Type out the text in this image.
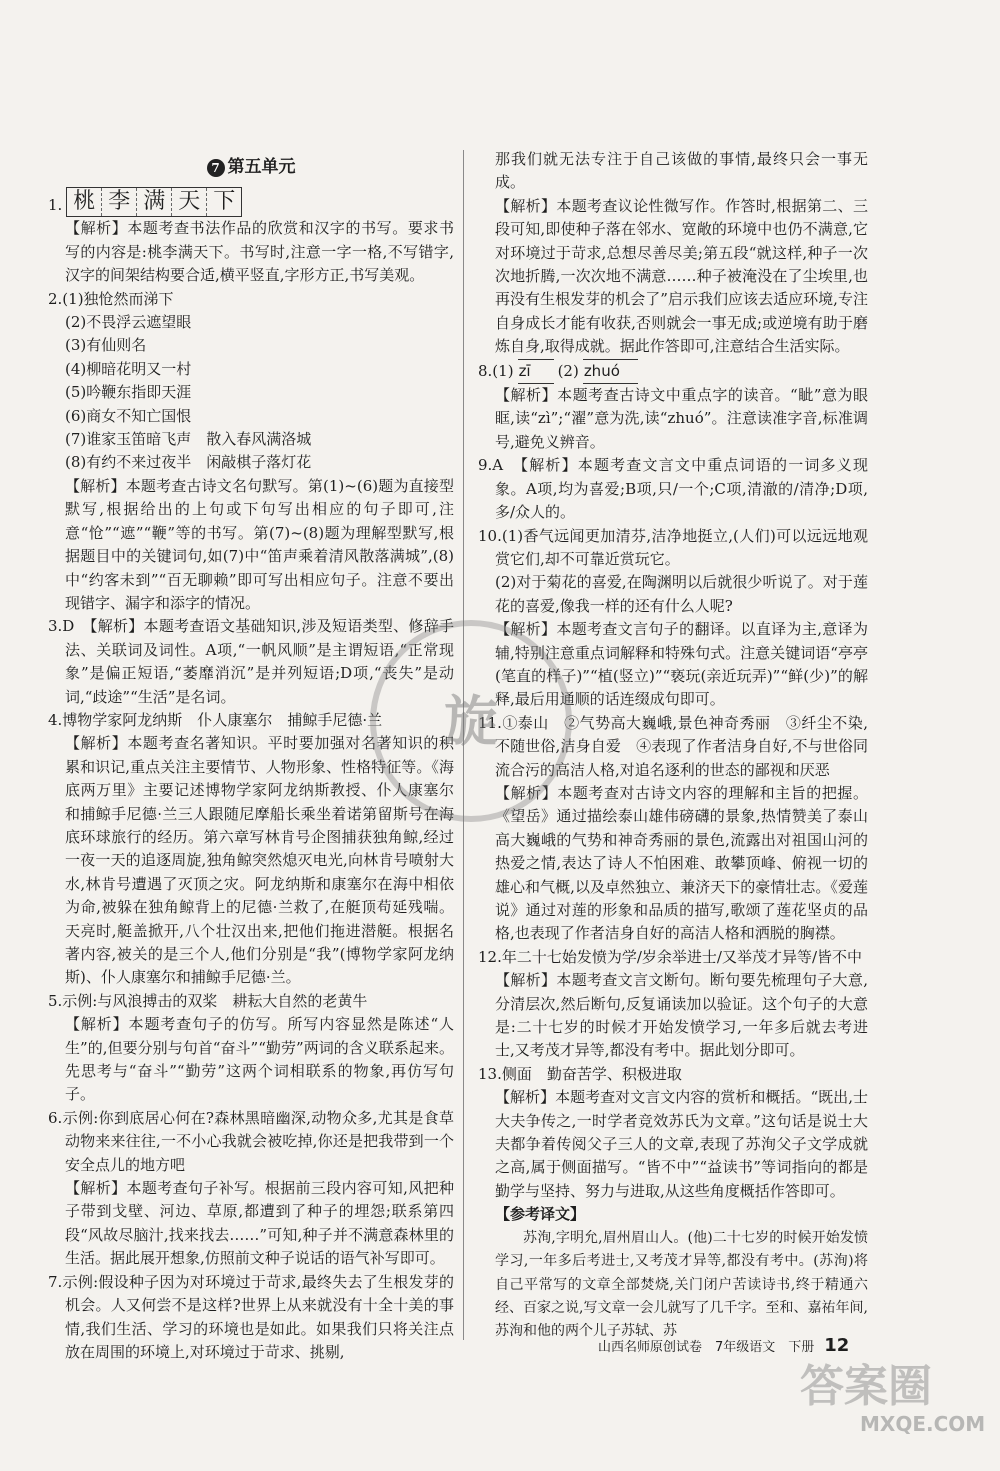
7 第五单元
1. 桃 李 满 天 下

【解析】本题考查书法作品的欣赏和汉字的书写。要求书写的内容是:桃李满天下。书写时,注意一字一格,不写错字,汉字的间架结构要合适,横平竖直,字形方正,书写美观。

2.(1)独怆然而涕下

(2)不畏浮云遮望眼

(3)有仙则名

(4)柳暗花明又一村

(5)吟鞭东指即天涯

(6)商女不知亡国恨

(7)谁家玉笛暗飞声　散入春风满洛城

(8)有约不来过夜半　闲敲棋子落灯花

【解析】本题考查古诗文名句默写。第(1)~(6)题为直接型默写,根据给出的上句或下句写出相应的句子即可,注意“怆”“遮”“鞭”等的书写。第(7)~(8)题为理解型默写,根据题目中的关键词句,如(7)中“笛声乘着清风散落满城”,(8)中“约客未到”“百无聊赖”即可写出相应句子。注意不要出现错字、漏字和添字的情况。

3.D　【解析】本题考查语文基础知识,涉及短语类型、修辞手法、关联词及词性。A项,“一帆风顺”是主谓短语,“正常现象”是偏正短语,“萎靡消沉”是并列短语;D项,“丧失”是动词,“歧途”“生活”是名词。

4.博物学家阿龙纳斯　仆人康塞尔　捕鲸手尼德·兰

【解析】本题考查名著知识。平时要加强对名著知识的积累和识记,重点关注主要情节、人物形象、性格特征等。《海底两万里》主要记述博物学家阿龙纳斯教授、仆人康塞尔和捕鲸手尼德·兰三人跟随尼摩船长乘坐着诺第留斯号在海底环球旅行的经历。第六章写林肯号企图捕获独角鲸,经过一夜一天的追逐周旋,独角鲸突然熄灭电光,向林肯号喷射大水,林肯号遭遇了灭顶之灾。阿龙纳斯和康塞尔在海中相依为命,被躲在独角鲸背上的尼德·兰救了,在艇顶苟延残喘。天亮时,艇盖掀开,八个壮汉出来,把他们拖进潜艇。根据名著内容,被关的是三个人,他们分别是“我”(博物学家阿龙纳斯)、仆人康塞尔和捕鲸手尼德·兰。

5.示例:与风浪搏击的双桨　耕耘大自然的老黄牛

【解析】本题考查句子的仿写。所写内容显然是陈述“人生”的,但要分别与句首“奋斗”“勤劳”两词的含义联系起来。先思考与“奋斗”“勤劳”这两个词相联系的物象,再仿写句子。

6.示例:你到底居心何在?森林黑暗幽深,动物众多,尤其是食草动物来来往往,一不小心我就会被吃掉,你还是把我带到一个安全点儿的地方吧

【解析】本题考查句子补写。根据前三段内容可知,风把种子带到戈壁、河边、草原,都遭到了种子的埋怨;联系第四段“风故尽脑汁,找来找去……”可知,种子并不满意森林里的生活。据此展开想象,仿照前文种子说话的语气补写即可。

7.示例:假设种子因为对环境过于苛求,最终失去了生根发芽的机会。人又何尝不是这样?世界上从来就没有十全十美的事情,我们生活、学习的环境也是如此。如果我们只将关注点放在周围的环境上,对环境过于苛求、挑剔,

那我们就无法专注于自己该做的事情,最终只会一事无成。

【解析】本题考查议论性微写作。作答时,根据第二、三段可知,即使种子落在邻水、宽敞的环境中也仍不满意,它对环境过于苛求,总想尽善尽美;第五段“就这样,种子一次次地折腾,一次次地不满意……种子被淹没在了尘埃里,也再没有生根发芽的机会了”启示我们应该去适应环境,专注自身成长才能有收获,否则就会一事无成;或逆境有助于磨炼自身,取得成就。据此作答即可,注意结合生活实际。

8.(1) zī (2) zhuó

【解析】本题考查古诗文中重点字的读音。“眦”意为眼眶,读“zì”;“濯”意为洗,读“zhuó”。注意读准字音,标准调号,避免义辨音。

9.A　【解析】本题考查文言文中重点词语的一词多义现象。A项,均为喜爱;B项,只/一个;C项,清澈的/清净;D项,多/众人的。

10.(1)香气远闻更加清芬,洁净地挺立,(人们)可以远远地观赏它们,却不可靠近赏玩它。

(2)对于菊花的喜爱,在陶渊明以后就很少听说了。对于莲花的喜爱,像我一样的还有什么人呢?

【解析】本题考查文言句子的翻译。以直译为主,意译为辅,特别注意重点词解释和特殊句式。注意关键词语“亭亭(笔直的样子)”“植(竖立)”“亵玩(亲近玩弄)”“鲜(少)”的解释,最后用通顺的话连缀成句即可。

11.①泰山　②气势高大巍峨,景色神奇秀丽　③纤尘不染,不随世俗,洁身自爱　④表现了作者洁身自好,不与世俗同流合污的高洁人格,对追名逐利的世态的鄙视和厌恶

【解析】本题考查对古诗文内容的理解和主旨的把握。《望岳》通过描绘泰山雄伟磅礴的景象,热情赞美了泰山高大巍峨的气势和神奇秀丽的景色,流露出对祖国山河的热爱之情,表达了诗人不怕困难、敢攀顶峰、俯视一切的雄心和气概,以及卓然独立、兼济天下的豪情壮志。《爱莲说》通过对莲的形象和品质的描写,歌颂了莲花坚贞的品格,也表现了作者洁身自好的高洁人格和洒脱的胸襟。

12.年二十七始发愤为学/岁余举进士/又举茂才异等/皆不中

【解析】本题考查文言文断句。断句要先梳理句子大意,分清层次,然后断句,反复诵读加以验证。这个句子的大意是:二十七岁的时候才开始发愤学习,一年多后就去考进士,又考茂才异等,都没有考中。据此划分即可。

13.侧面　勤奋苦学、积极进取

【解析】本题考查对文言文内容的赏析和概括。“既出,士大夫争传之,一时学者竞效苏氏为文章。”这句话是说士大夫都争着传阅父子三人的文章,表现了苏洵父子文学成就之高,属于侧面描写。“皆不中”“益读书”等词指向的都是勤学与坚持、努力与进取,从这些角度概括作答即可。

【参考译文】

苏洵,字明允,眉州眉山人。(他)二十七岁的时候开始发愤学习,一年多后考进士,又考茂才异等,都没有考中。(苏洵)将自己平常写的文章全部焚烧,关门闭户苦读诗书,终于精通六经、百家之说,写文章一会儿就写了几千字。至和、嘉祐年间,苏洵和他的两个儿子苏轼、苏

山西名师原创试卷　7年级语文　下册 12
旋
答案圈
MXQE.COM
